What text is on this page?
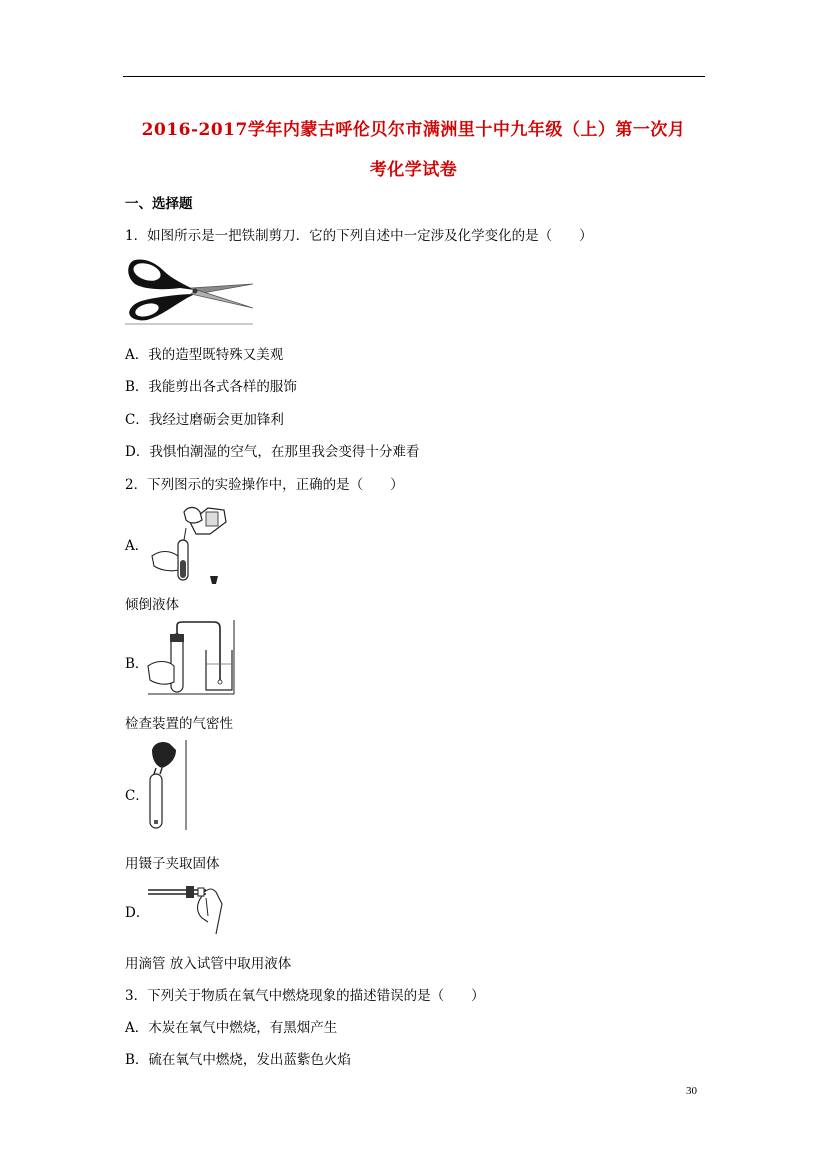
2016-2017学年内蒙古呼伦贝尔市满洲里十中九年级（上）第一次月
考化学试卷
一、选择题
1．如图所示是一把铁制剪刀．它的下列自述中一定涉及化学变化的是（　　）
A．我的造型既特殊又美观
B．我能剪出各式各样的服饰
C．我经过磨砺会更加锋利
D．我惧怕潮湿的空气，在那里我会变得十分难看
2．下列图示的实验操作中，正确的是（　　）
A．
倾倒液体
B．
检查装置的气密性
C．
用镊子夹取固体
D．
用滴管 放入试管中取用液体
3．下列关于物质在氧气中燃烧现象的描述错误的是（　　）
A．木炭在氧气中燃烧，有黑烟产生
B．硫在氧气中燃烧，发出蓝紫色火焰
30
